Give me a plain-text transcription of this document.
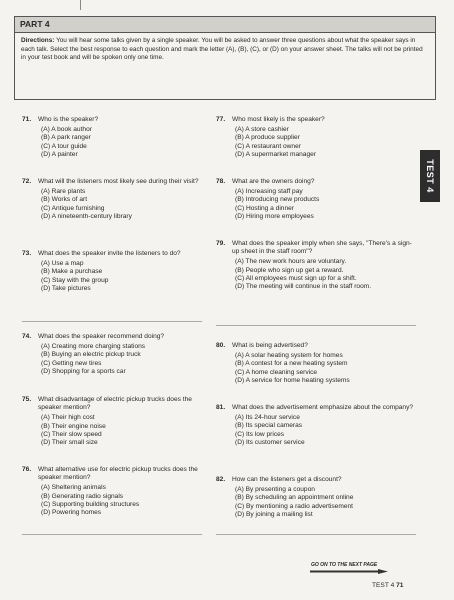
PART 4
Directions: You will hear some talks given by a single speaker. You will be asked to answer three questions about what the speaker says in each talk. Select the best response to each question and mark the letter (A), (B), (C), or (D) on your answer sheet. The talks will not be printed in your test book and will be spoken only one time.
71. Who is the speaker?
(A) A book author
(B) A park ranger
(C) A tour guide
(D) A painter
72. What will the listeners most likely see during their visit?
(A) Rare plants
(B) Works of art
(C) Antique furnishing
(D) A nineteenth-century library
73. What does the speaker invite the listeners to do?
(A) Use a map
(B) Make a purchase
(C) Stay with the group
(D) Take pictures
74. What does the speaker recommend doing?
(A) Creating more charging stations
(B) Buying an electric pickup truck
(C) Getting new tires
(D) Shopping for a sports car
75. What disadvantage of electric pickup trucks does the speaker mention?
(A) Their high cost
(B) Their engine noise
(C) Their slow speed
(D) Their small size
76. What alternative use for electric pickup trucks does the speaker mention?
(A) Sheltering animals
(B) Generating radio signals
(C) Supporting building structures
(D) Powering homes
77. Who most likely is the speaker?
(A) A store cashier
(B) A produce supplier
(C) A restaurant owner
(D) A supermarket manager
78. What are the owners doing?
(A) Increasing staff pay
(B) Introducing new products
(C) Hosting a dinner
(D) Hiring more employees
79. What does the speaker imply when she says, "There's a sign-up sheet in the staff room"?
(A) The new work hours are voluntary.
(B) People who sign up get a reward.
(C) All employees must sign up for a shift.
(D) The meeting will continue in the staff room.
80. What is being advertised?
(A) A solar heating system for homes
(B) A contest for a new heating system
(C) A home cleaning service
(D) A service for home heating systems
81. What does the advertisement emphasize about the company?
(A) Its 24-hour service
(B) Its special cameras
(C) Its low prices
(D) Its customer service
82. How can the listeners get a discount?
(A) By presenting a coupon
(B) By scheduling an appointment online
(C) By mentioning a radio advertisement
(D) By joining a mailing list
TEST 4
GO ON TO THE NEXT PAGE
TEST 4 71
